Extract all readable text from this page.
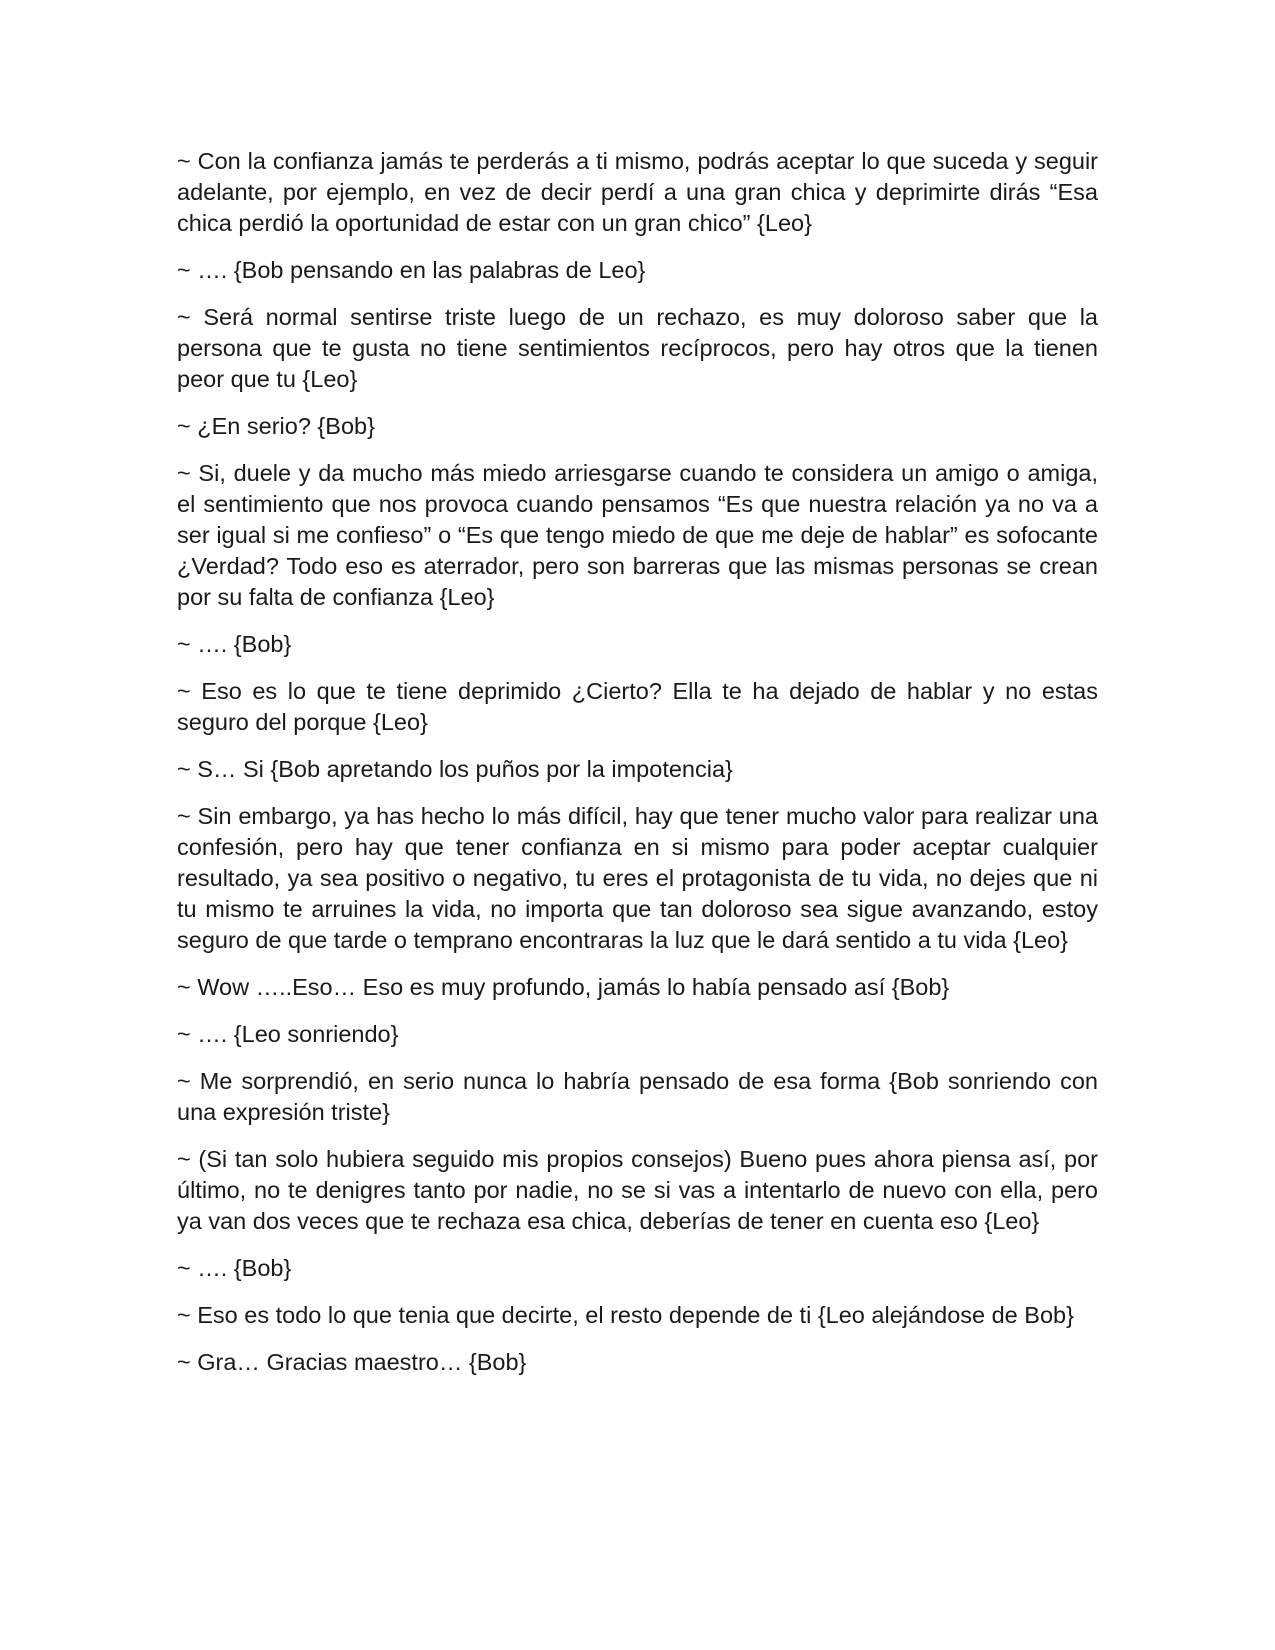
~ Con la confianza jamás te perderás a ti mismo, podrás aceptar lo que suceda y seguir adelante, por ejemplo, en vez de decir perdí a una gran chica y deprimirte dirás “Esa chica perdió la oportunidad de estar con un gran chico” {Leo}

~ …. {Bob pensando en las palabras de Leo}

~ Será normal sentirse triste luego de un rechazo, es muy doloroso saber que la persona que te gusta no tiene sentimientos recíprocos, pero hay otros que la tienen peor que tu {Leo}

~ ¿En serio? {Bob}

~ Si, duele y da mucho más miedo arriesgarse cuando te considera un amigo o amiga, el sentimiento que nos provoca cuando pensamos “Es que nuestra relación ya no va a ser igual si me confieso” o “Es que tengo miedo de que me deje de hablar” es sofocante ¿Verdad? Todo eso es aterrador, pero son barreras que las mismas personas se crean por su falta de confianza {Leo}

~ …. {Bob}

~ Eso es lo que te tiene deprimido ¿Cierto? Ella te ha dejado de hablar y no estas seguro del porque {Leo}

~ S… Si {Bob apretando los puños por la impotencia}

~ Sin embargo, ya has hecho lo más difícil, hay que tener mucho valor para realizar una confesión, pero hay que tener confianza en si mismo para poder aceptar cualquier resultado, ya sea positivo o negativo, tu eres el protagonista de tu vida, no dejes que ni tu mismo te arruines la vida, no importa que tan doloroso sea sigue avanzando, estoy seguro de que tarde o temprano encontraras la luz que le dará sentido a tu vida {Leo}

~ Wow …..Eso… Eso es muy profundo, jamás lo había pensado así {Bob}

~ …. {Leo sonriendo}

~ Me sorprendió, en serio nunca lo habría pensado de esa forma {Bob sonriendo con una expresión triste}

~ (Si tan solo hubiera seguido mis propios consejos) Bueno pues ahora piensa así, por último, no te denigres tanto por nadie, no se si vas a intentarlo de nuevo con ella, pero ya van dos veces que te rechaza esa chica, deberías de tener en cuenta eso {Leo}

~ …. {Bob}

~ Eso es todo lo que tenia que decirte, el resto depende de ti {Leo alejándose de Bob}

~ Gra… Gracias maestro… {Bob}
